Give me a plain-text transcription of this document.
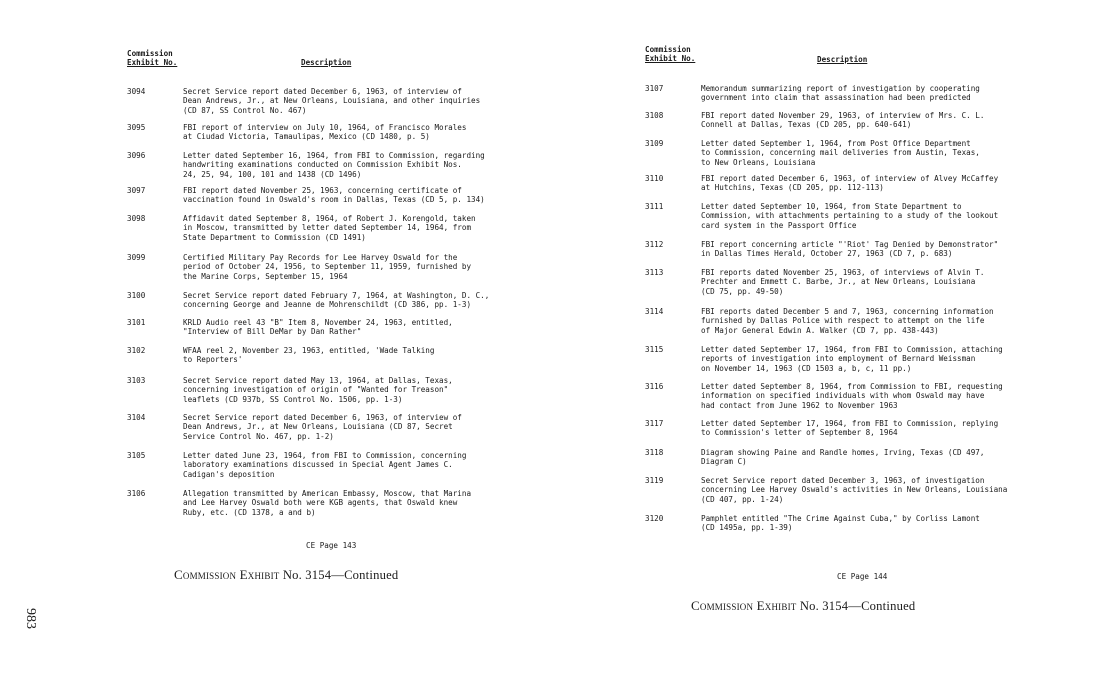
Commission
Exhibit No.	Description
3094	Secret Service report dated December 6, 1963, of interview of
Dean Andrews, Jr., at New Orleans, Louisiana, and other inquiries
(CD 87, SS Control No. 467)
3095	FBI report of interview on July 10, 1964, of Francisco Morales
at Ciudad Victoria, Tamaulipas, Mexico (CD 1480, p. 5)
3096	Letter dated September 16, 1964, from FBI to Commission, regarding
handwriting examinations conducted on Commission Exhibit Nos.
24, 25, 94, 100, 101 and 1438 (CD 1496)
3097	FBI report dated November 25, 1963, concerning certificate of
vaccination found in Oswald's room in Dallas, Texas (CD 5, p. 134)
3098	Affidavit dated September 8, 1964, of Robert J. Korengold, taken
in Moscow, transmitted by letter dated September 14, 1964, from
State Department to Commission (CD 1491)
3099	Certified Military Pay Records for Lee Harvey Oswald for the
period of October 24, 1956, to September 11, 1959, furnished by
the Marine Corps, September 15, 1964
3100	Secret Service report dated February 7, 1964, at Washington, D. C.,
concerning George and Jeanne de Mohrenschildt (CD 386, pp. 1-3)
3101	KRLD Audio reel 43 "B" Item 8, November 24, 1963, entitled,
"Interview of Bill DeMar by Dan Rather"
3102	WFAA reel 2, November 23, 1963, entitled, 'Wade Talking
to Reporters'
3103	Secret Service report dated May 13, 1964, at Dallas, Texas,
concerning investigation of origin of "Wanted for Treason"
leaflets (CD 937b, SS Control No. 1506, pp. 1-3)
3104	Secret Service report dated December 6, 1963, of interview of
Dean Andrews, Jr., at New Orleans, Louisiana (CD 87, Secret
Service Control No. 467, pp. 1-2)
3105	Letter dated June 23, 1964, from FBI to Commission, concerning
laboratory examinations discussed in Special Agent James C.
Cadigan's deposition
3106	Allegation transmitted by American Embassy, Moscow, that Marina
and Lee Harvey Oswald both were KGB agents, that Oswald knew
Ruby, etc. (CD 1378, a and b)
CE Page 143
Commission Exhibit No. 3154—Continued
983
Commission
Exhibit No.	Description
3107	Memorandum summarizing report of investigation by cooperating
government into claim that assassination had been predicted
3108	FBI report dated November 29, 1963, of interview of Mrs. C. L.
Connell at Dallas, Texas (CD 205, pp. 640-641)
3109	Letter dated September 1, 1964, from Post Office Department
to Commission, concerning mail deliveries from Austin, Texas,
to New Orleans, Louisiana
3110	FBI report dated December 6, 1963, of interview of Alvey McCaffey
at Hutchins, Texas (CD 205, pp. 112-113)
3111	Letter dated September 10, 1964, from State Department to
Commission, with attachments pertaining to a study of the lookout
card system in the Passport Office
3112	FBI report concerning article "'Riot' Tag Denied by Demonstrator"
in Dallas Times Herald, October 27, 1963 (CD 7, p. 683)
3113	FBI reports dated November 25, 1963, of interviews of Alvin T.
Prechter and Emmett C. Barbe, Jr., at New Orleans, Louisiana
(CD 75, pp. 49-50)
3114	FBI reports dated December 5 and 7, 1963, concerning information
furnished by Dallas Police with respect to attempt on the life
of Major General Edwin A. Walker (CD 7, pp. 438-443)
3115	Letter dated September 17, 1964, from FBI to Commission, attaching
reports of investigation into employment of Bernard Weissman
on November 14, 1963 (CD 1503 a, b, c, 11 pp.)
3116	Letter dated September 8, 1964, from Commission to FBI, requesting
information on specified individuals with whom Oswald may have
had contact from June 1962 to November 1963
3117	Letter dated September 17, 1964, from FBI to Commission, replying
to Commission's letter of September 8, 1964
3118	Diagram showing Paine and Randle homes, Irving, Texas (CD 497,
Diagram C)
3119	Secret Service report dated December 3, 1963, of investigation
concerning Lee Harvey Oswald's activities in New Orleans, Louisiana
(CD 407, pp. 1-24)
3120	Pamphlet entitled "The Crime Against Cuba," by Corliss Lamont
(CD 1495a, pp. 1-39)
CE Page 144
Commission Exhibit No. 3154—Continued
